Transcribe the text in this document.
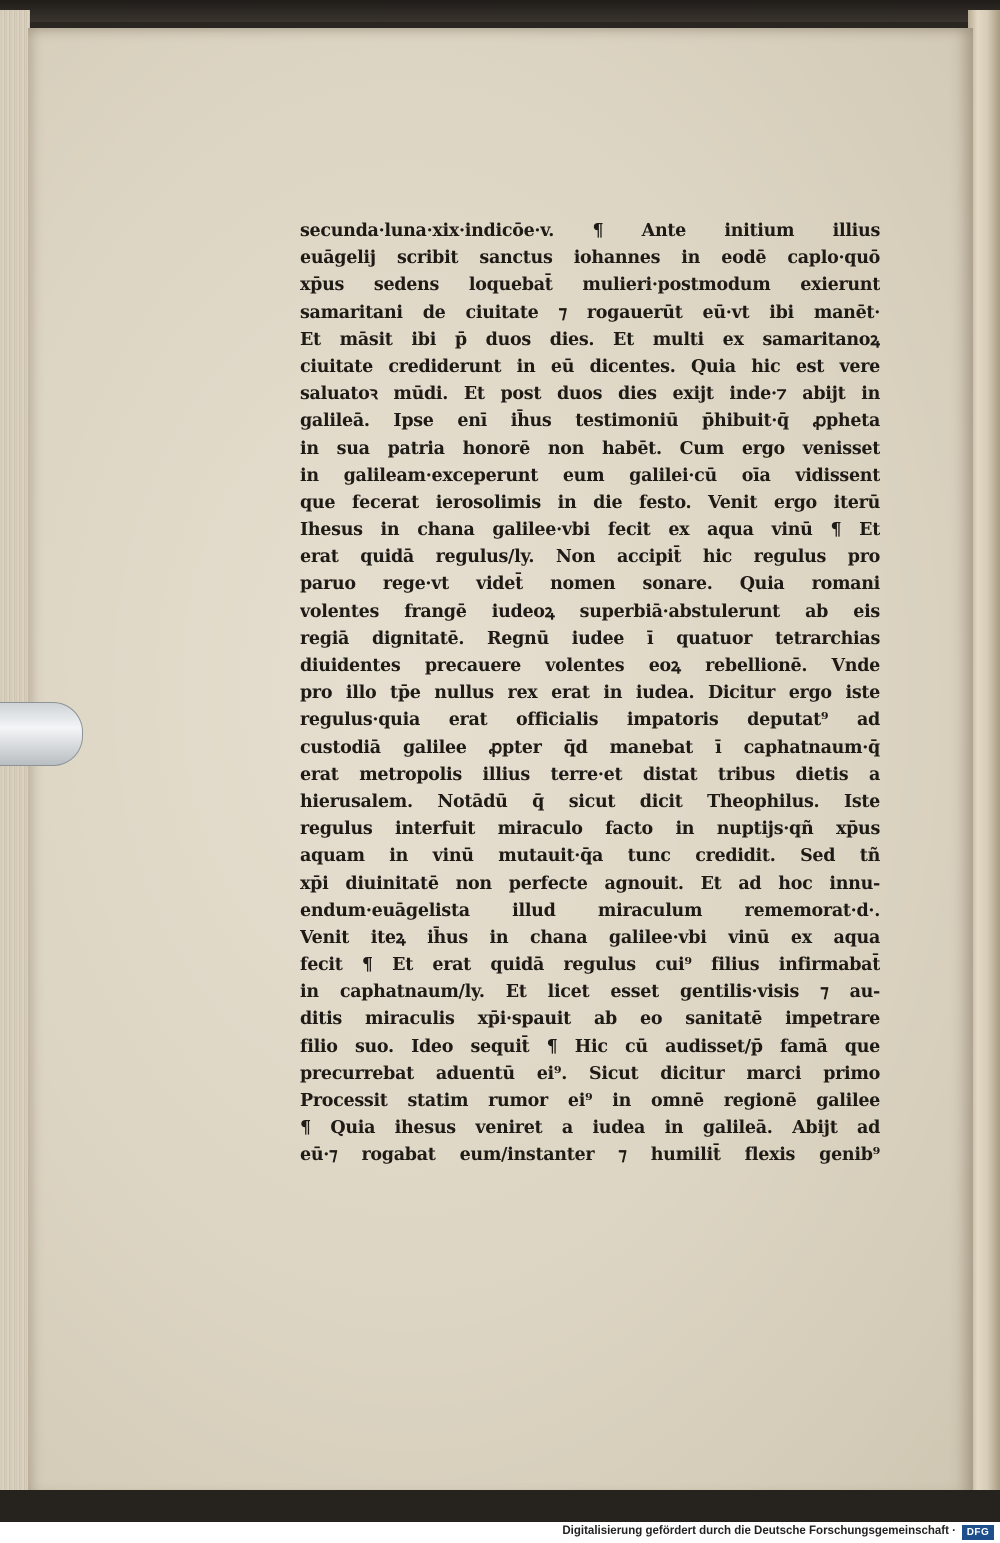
secunda·luna·xix·indicōe·v. ¶ Ante initium illius
euāgelij scribit sanctus iohannes in eodē caplo·quō
xp̄us sedens loquebat̄ mulieri·postmodum exierunt
samaritani de ciuitate ⁊ rogauerūt eū·vt ibi manēt·
Et māsit ibi p̄ duos dies. Et multi ex samaritanoꝝ
ciuitate crediderunt in eū dicentes. Quia hic est vere
saluatoꝛ mūdi. Et post duos dies exijt inde·⁊ abijt in
galileā. Ipse enī ih̄us testimoniū p̄hibuit·q̄ ꝓpheta
in sua patria honorē non habēt. Cum ergo venisset
in galileam·exceperunt eum galilei·cū oīa vidissent
que fecerat ierosolimis in die festo. Venit ergo iterū
Ihesus in chana galilee·vbi fecit ex aqua vinū ¶ Et
erat quidā regulus/ly. Non accipit̄ hic regulus pro
paruo rege·vt videt̄ nomen sonare. Quia romani
volentes frangē iudeoꝝ superbiā·abstulerunt ab eis
regiā dignitatē. Regnū iudee ī quatuor tetrarchias
diuidentes precauere volentes eoꝝ rebellionē. Vnde
pro illo tp̄e nullus rex erat in iudea. Dicitur ergo iste
regulus·quia erat officialis impatoris deputat⁹ ad
custodiā galilee ꝓpter q̄d manebat ī caphatnaum·q̄
erat metropolis illius terre·et distat tribus dietis a
hierusalem. Notādū q̄ sicut dicit Theophilus. Iste
regulus interfuit miraculo facto in nuptijs·qñ xp̄us
aquam in vinū mutauit·q̄a tunc credidit. Sed tñ
xp̄i diuinitatē non perfecte agnouit. Et ad hoc innu-
endum·euāgelista illud miraculum rememorat·d·.
Venit iteꝝ ih̄us in chana galilee·vbi vinū ex aqua
fecit ¶ Et erat quidā regulus cui⁹ filius infirmabat̄
in caphatnaum/ly. Et licet esset gentilis·visis ⁊ au-
ditis miraculis xp̄i·spauit ab eo sanitatē impetrare
filio suo. Ideo sequit̄ ¶ Hic cū audisset/p̄ famā que
precurrebat aduentū ei⁹. Sicut dicitur marci primo
Processit statim rumor ei⁹ in omnē regionē galilee
¶ Quia ihesus veniret a iudea in galileā. Abijt ad
eū·⁊ rogabat eum/instanter ⁊ humilit̄ flexis genib⁹
Digitalisierung gefördert durch die Deutsche Forschungsgemeinschaft ·	DFG
